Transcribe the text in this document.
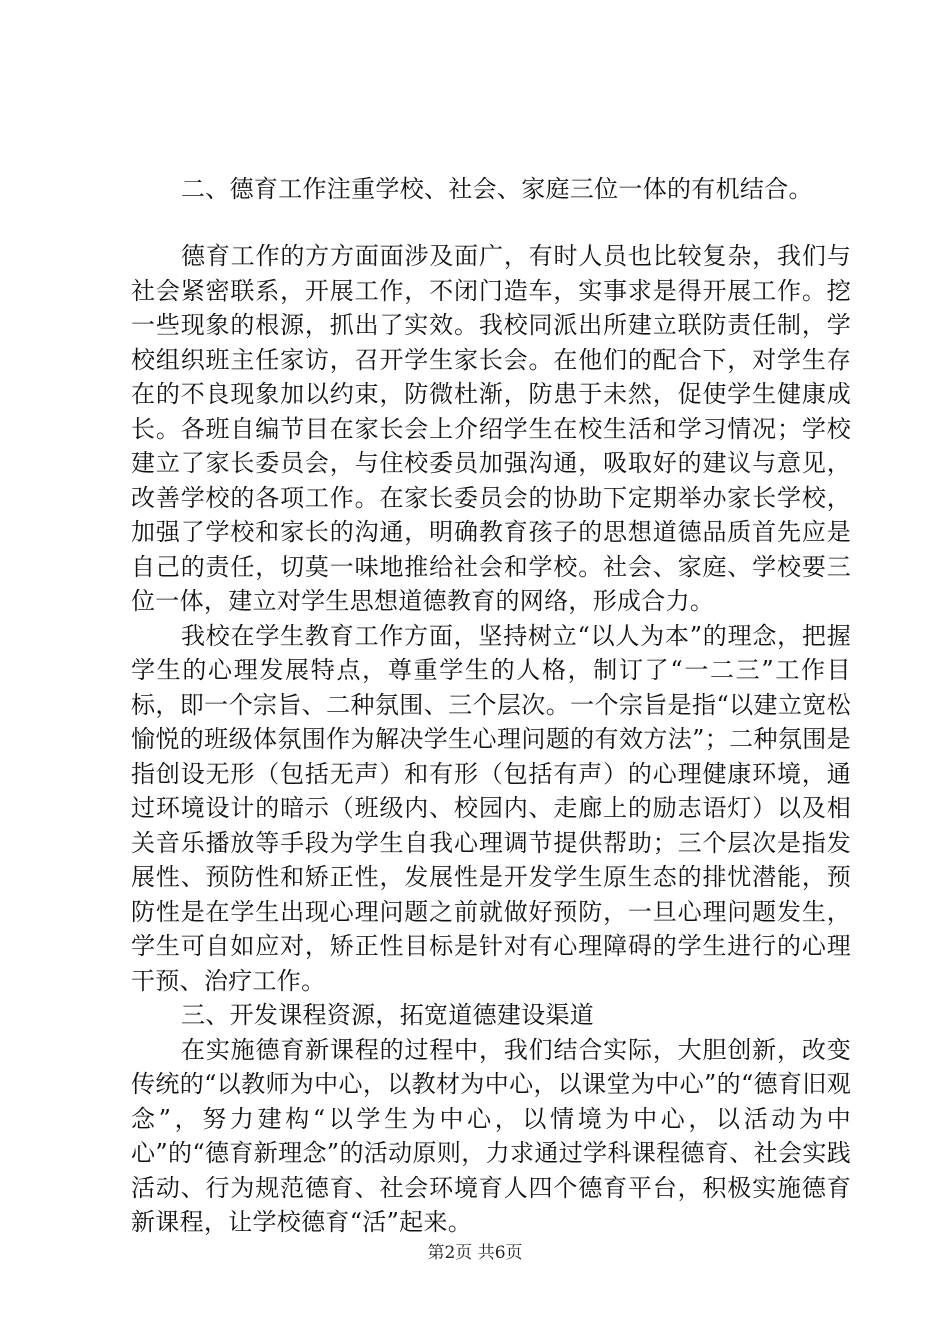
二、德育工作注重学校、社会、家庭三位一体的有机结合。

德育工作的方方面面涉及面广，有时人员也比较复杂，我们与社会紧密联系，开展工作，不闭门造车，实事求是得开展工作。挖一些现象的根源，抓出了实效。我校同派出所建立联防责任制，学校组织班主任家访，召开学生家长会。在他们的配合下，对学生存在的不良现象加以约束，防微杜渐，防患于未然，促使学生健康成长。各班自编节目在家长会上介绍学生在校生活和学习情况；学校建立了家长委员会，与住校委员加强沟通，吸取好的建议与意见，改善学校的各项工作。在家长委员会的协助下定期举办家长学校，加强了学校和家长的沟通，明确教育孩子的思想道德品质首先应是自己的责任，切莫一味地推给社会和学校。社会、家庭、学校要三位一体，建立对学生思想道德教育的网络，形成合力。

我校在学生教育工作方面，坚持树立“以人为本”的理念，把握学生的心理发展特点，尊重学生的人格，制订了“一二三”工作目标，即一个宗旨、二种氛围、三个层次。一个宗旨是指“以建立宽松愉悦的班级体氛围作为解决学生心理问题的有效方法”；二种氛围是指创设无形（包括无声）和有形（包括有声）的心理健康环境，通过环境设计的暗示（班级内、校园内、走廊上的励志语灯）以及相关音乐播放等手段为学生自我心理调节提供帮助；三个层次是指发展性、预防性和矫正性，发展性是开发学生原生态的排忧潜能，预防性是在学生出现心理问题之前就做好预防，一旦心理问题发生，学生可自如应对，矫正性目标是针对有心理障碍的学生进行的心理干预、治疗工作。

三、开发课程资源，拓宽道德建设渠道

在实施德育新课程的过程中，我们结合实际，大胆创新，改变传统的“以教师为中心，以教材为中心，以课堂为中心”的“德育旧观念”，努力建构“以学生为中心，以情境为中心，以活动为中心”的“德育新理念”的活动原则，力求通过学科课程德育、社会实践活动、行为规范德育、社会环境育人四个德育平台，积极实施德育新课程，让学校德育“活”起来。

第2页 共6页
